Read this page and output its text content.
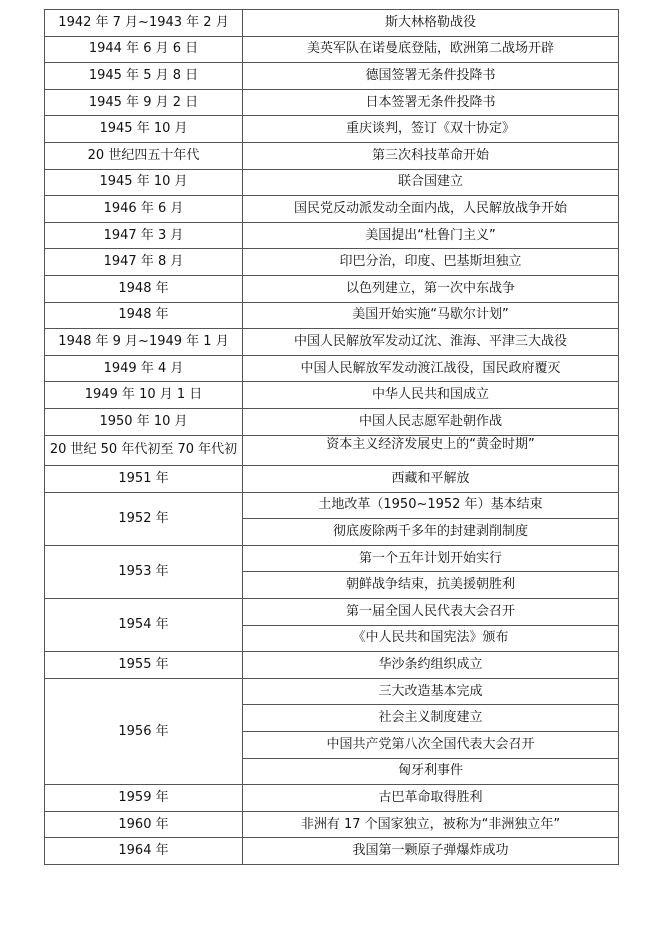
1942 年 7 月~1943 年 2 月	斯大林格勒战役
1944 年 6 月 6 日	美英军队在诺曼底登陆，欧洲第二战场开辟
1945 年 5 月 8 日	德国签署无条件投降书
1945 年 9 月 2 日	日本签署无条件投降书
1945 年 10 月	重庆谈判，签订《双十协定》
20 世纪四五十年代	第三次科技革命开始
1945 年 10 月	联合国建立
1946 年 6 月	国民党反动派发动全面内战，人民解放战争开始
1947 年 3 月	美国提出“杜鲁门主义”
1947 年 8 月	印巴分治，印度、巴基斯坦独立
1948 年	以色列建立，第一次中东战争
1948 年	美国开始实施“马歇尔计划”
1948 年 9 月~1949 年 1 月	中国人民解放军发动辽沈、淮海、平津三大战役
1949 年 4 月	中国人民解放军发动渡江战役，国民政府覆灭
1949 年 10 月 1 日	中华人民共和国成立
1950 年 10 月	中国人民志愿军赴朝作战
20 世纪 50 年代初至 70 年代初	资本主义经济发展史上的“黄金时期”
1951 年	西藏和平解放
1952 年	土地改革（1950~1952 年）基本结束
	彻底废除两千多年的封建剥削制度
1953 年	第一个五年计划开始实行
	朝鲜战争结束，抗美援朝胜利
1954 年	第一届全国人民代表大会召开
	《中人民共和国宪法》颁布
1955 年	华沙条约组织成立
1956 年	三大改造基本完成
	社会主义制度建立
	中国共产党第八次全国代表大会召开
	匈牙利事件
1959 年	古巴革命取得胜利
1960 年	非洲有 17 个国家独立，被称为“非洲独立年”
1964 年	我国第一颗原子弹爆炸成功
